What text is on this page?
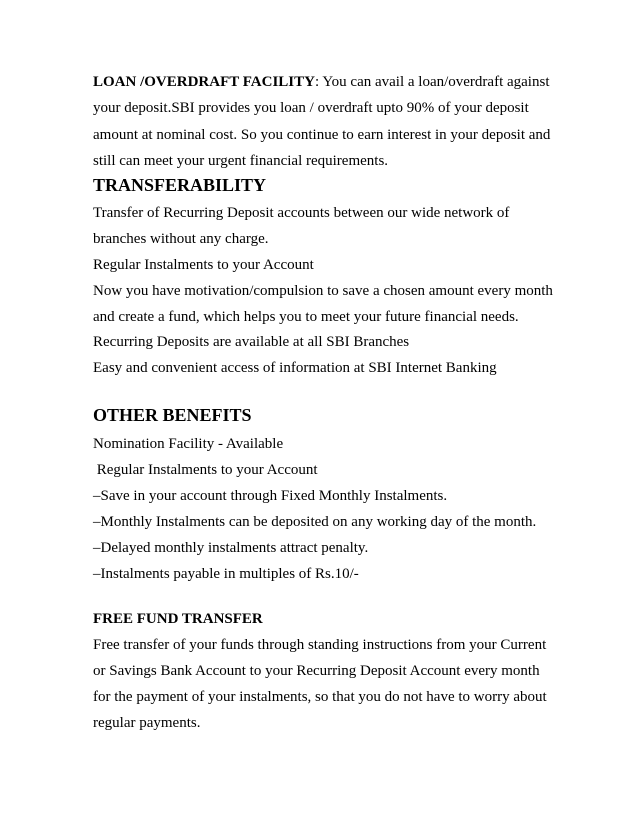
LOAN /OVERDRAFT FACILITY: You can avail a loan/overdraft against
your deposit.SBI provides you loan / overdraft upto 90% of your deposit
amount at nominal cost. So you continue to earn interest in your deposit and
still can meet your urgent financial requirements.
TRANSFERABILITY
Transfer of Recurring Deposit accounts between our wide network of
branches without any charge.
Regular Instalments to your Account
Now you have motivation/compulsion to save a chosen amount every month
and create a fund, which helps you to meet your future financial needs.
Recurring Deposits are available at all SBI Branches
Easy and convenient access of information at SBI Internet Banking
OTHER BENEFITS
Nomination Facility - Available
Regular Instalments to your Account
–Save in your account through Fixed Monthly Instalments.
–Monthly Instalments can be deposited on any working day of the month.
–Delayed monthly instalments attract penalty.
–Instalments payable in multiples of Rs.10/-
FREE FUND TRANSFER
Free transfer of your funds through standing instructions from your Current
or Savings Bank Account to your Recurring Deposit Account every month
for the payment of your instalments, so that you do not have to worry about
regular payments.
